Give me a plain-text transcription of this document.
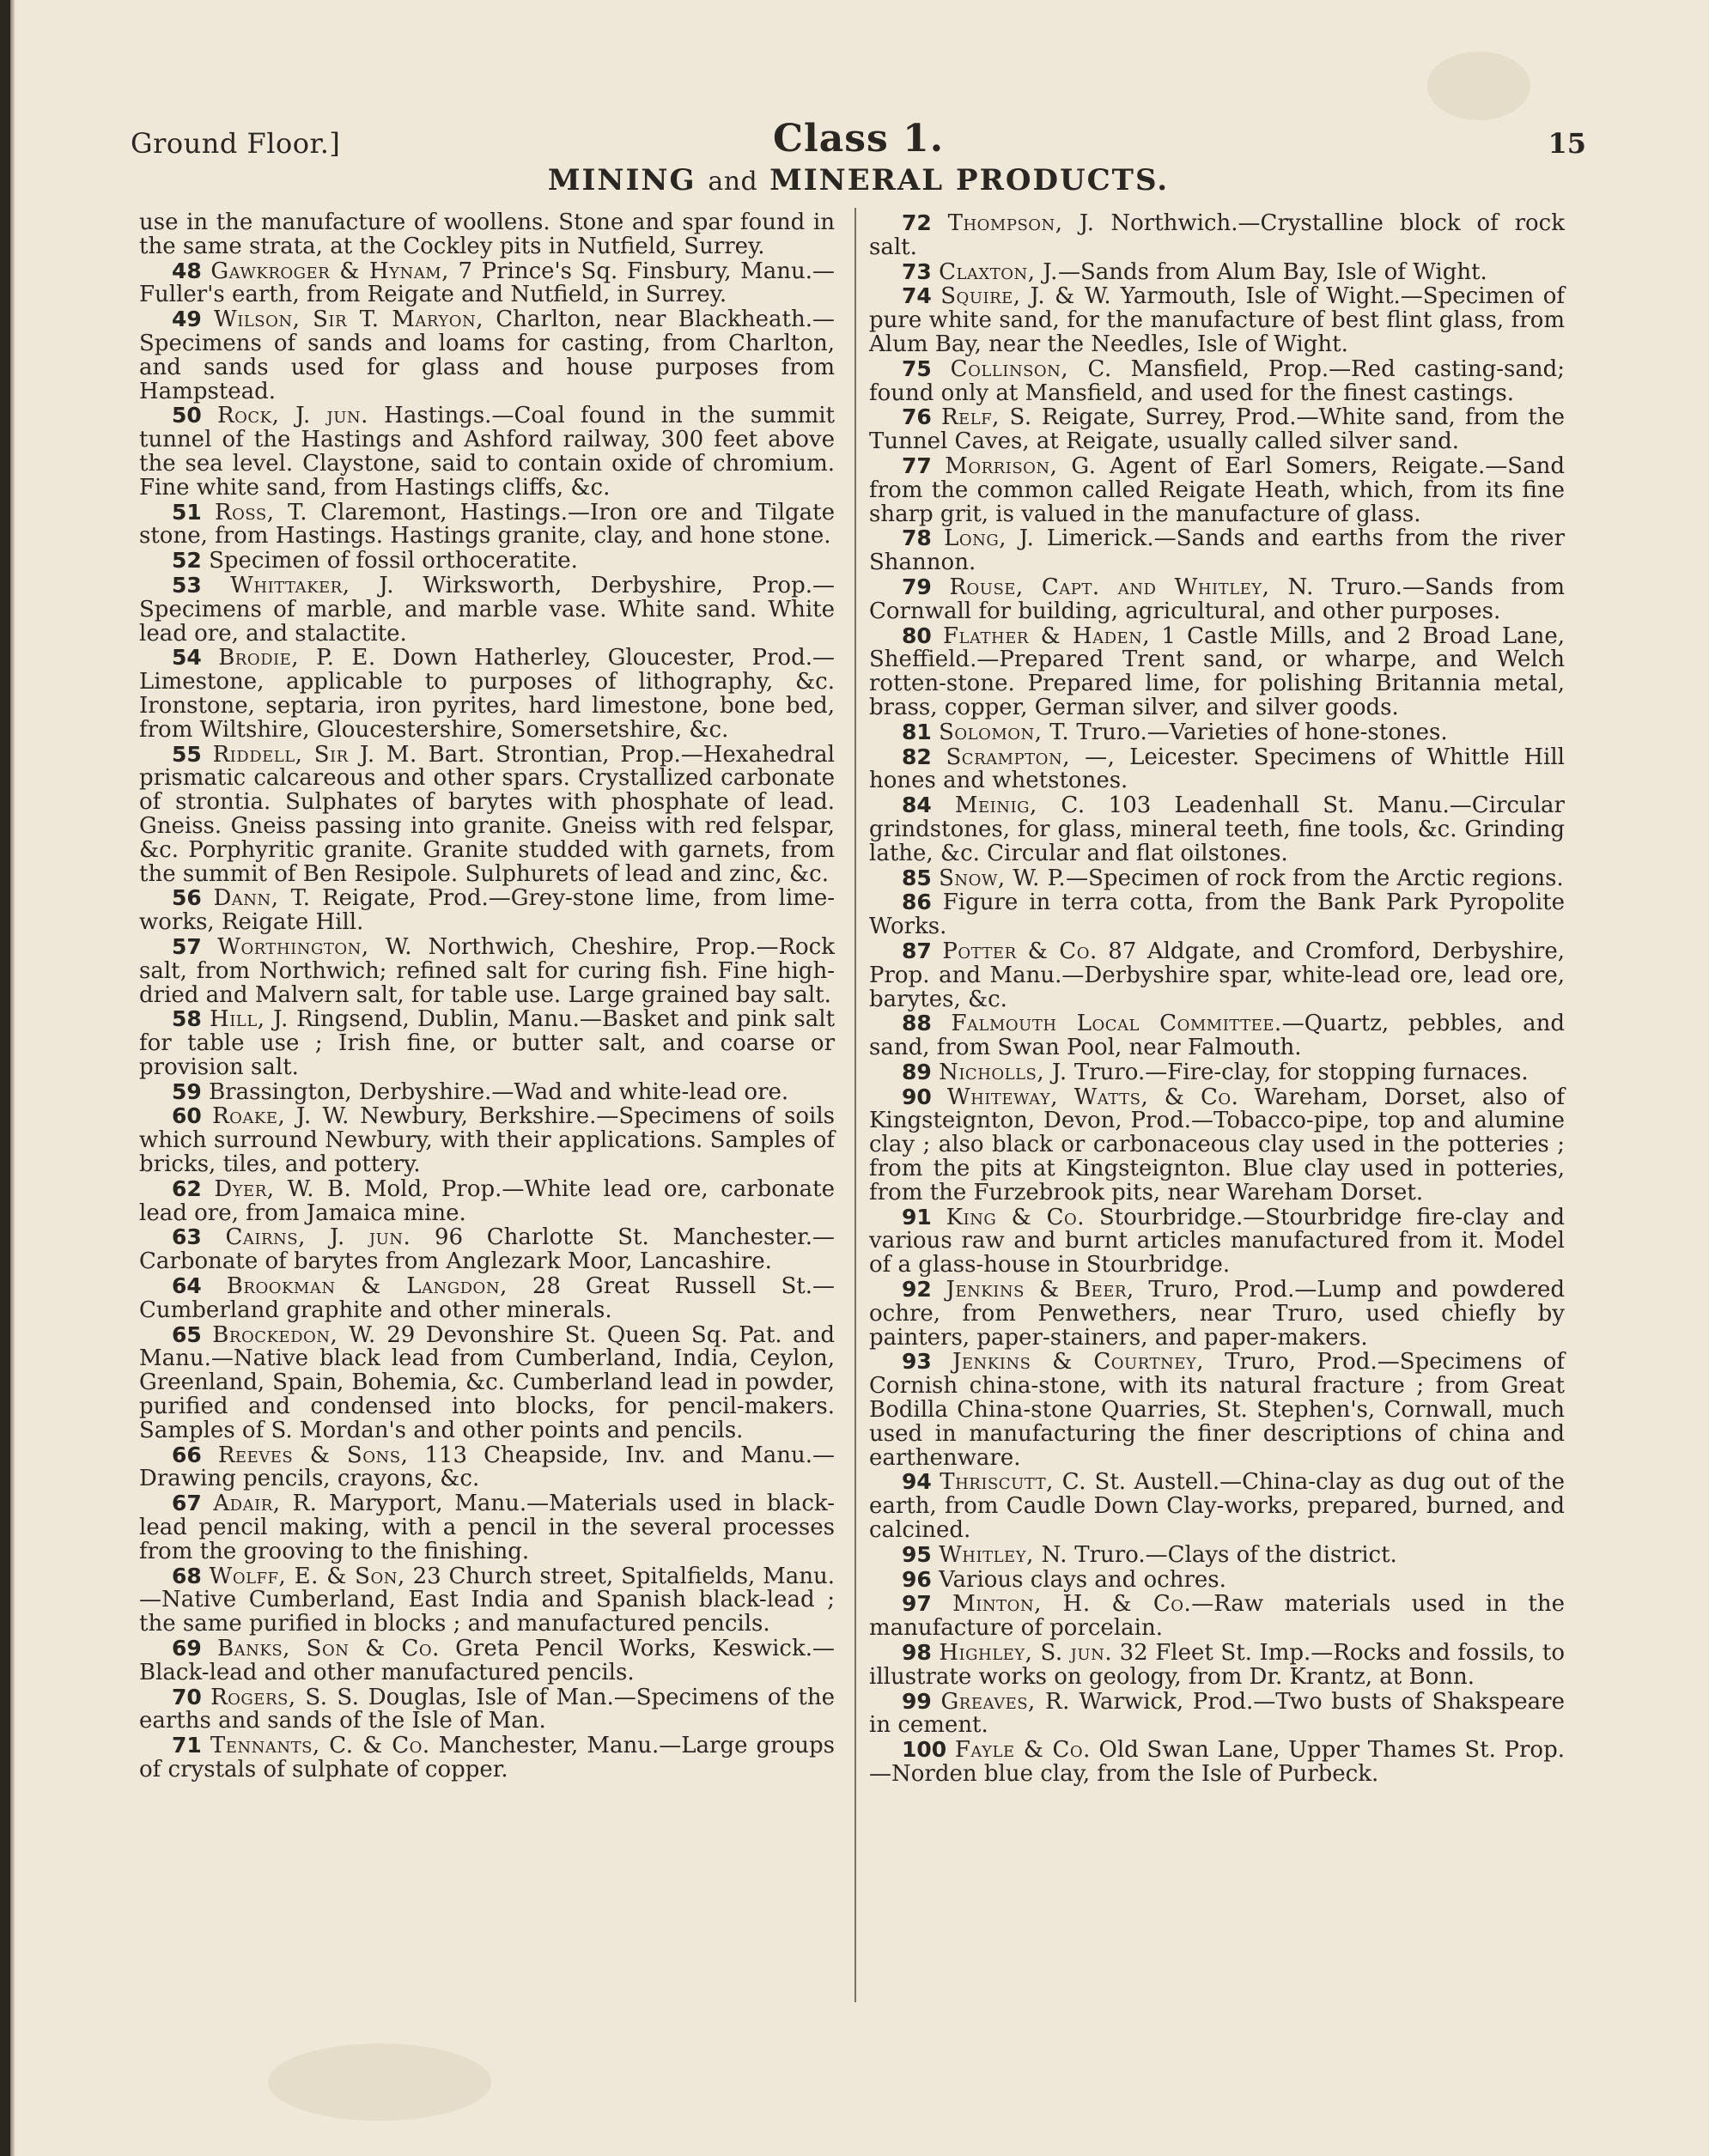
Ground Floor.]	Class 1.	15
MINING and MINERAL PRODUCTS.

use in the manufacture of woollens. Stone and spar found in the same strata, at the Cockley pits in Nutfield, Surrey.

48 Gawkroger & Hynam, 7 Prince's Sq. Finsbury, Manu.—Fuller's earth, from Reigate and Nutfield, in Surrey.

49 Wilson, Sir T. Maryon, Charlton, near Blackheath.—Specimens of sands and loams for casting, from Charlton, and sands used for glass and house purposes from Hampstead.

50 Rock, J. jun. Hastings.—Coal found in the summit tunnel of the Hastings and Ashford railway, 300 feet above the sea level. Claystone, said to contain oxide of chromium. Fine white sand, from Hastings cliffs, &c.

51 Ross, T. Claremont, Hastings.—Iron ore and Tilgate stone, from Hastings. Hastings granite, clay, and hone stone.

52 Specimen of fossil orthoceratite.

53 Whittaker, J. Wirksworth, Derbyshire, Prop.—Specimens of marble, and marble vase. White sand. White lead ore, and stalactite.

54 Brodie, P. E. Down Hatherley, Gloucester, Prod.—Limestone, applicable to purposes of lithography, &c. Ironstone, septaria, iron pyrites, hard limestone, bone bed, from Wiltshire, Gloucestershire, Somersetshire, &c.

55 Riddell, Sir J. M. Bart. Strontian, Prop.—Hexahedral prismatic calcareous and other spars. Crystallized carbonate of strontia. Sulphates of barytes with phosphate of lead. Gneiss. Gneiss passing into granite. Gneiss with red felspar, &c. Porphyritic granite. Granite studded with garnets, from the summit of Ben Resipole. Sulphurets of lead and zinc, &c.

56 Dann, T. Reigate, Prod.—Grey-stone lime, from lime-works, Reigate Hill.

57 Worthington, W. Northwich, Cheshire, Prop.—Rock salt, from Northwich; refined salt for curing fish. Fine high-dried and Malvern salt, for table use. Large grained bay salt.

58 Hill, J. Ringsend, Dublin, Manu.—Basket and pink salt for table use ; Irish fine, or butter salt, and coarse or provision salt.

59 Brassington, Derbyshire.—Wad and white-lead ore.

60 Roake, J. W. Newbury, Berkshire.—Specimens of soils which surround Newbury, with their applications. Samples of bricks, tiles, and pottery.

62 Dyer, W. B. Mold, Prop.—White lead ore, carbonate lead ore, from Jamaica mine.

63 Cairns, J. jun. 96 Charlotte St. Manchester.—Carbonate of barytes from Anglezark Moor, Lancashire.

64 Brookman & Langdon, 28 Great Russell St.—Cumberland graphite and other minerals.

65 Brockedon, W. 29 Devonshire St. Queen Sq. Pat. and Manu.—Native black lead from Cumberland, India, Ceylon, Greenland, Spain, Bohemia, &c. Cumberland lead in powder, purified and condensed into blocks, for pencil-makers. Samples of S. Mordan's and other points and pencils.

66 Reeves & Sons, 113 Cheapside, Inv. and Manu.—Drawing pencils, crayons, &c.

67 Adair, R. Maryport, Manu.—Materials used in black-lead pencil making, with a pencil in the several processes from the grooving to the finishing.

68 Wolff, E. & Son, 23 Church street, Spitalfields, Manu.—Native Cumberland, East India and Spanish black-lead ; the same purified in blocks ; and manufactured pencils.

69 Banks, Son & Co. Greta Pencil Works, Keswick.—Black-lead and other manufactured pencils.

70 Rogers, S. S. Douglas, Isle of Man.—Specimens of the earths and sands of the Isle of Man.

71 Tennants, C. & Co. Manchester, Manu.—Large groups of crystals of sulphate of copper.

72 Thompson, J. Northwich.—Crystalline block of rock salt.

73 Claxton, J.—Sands from Alum Bay, Isle of Wight.

74 Squire, J. & W. Yarmouth, Isle of Wight.—Specimen of pure white sand, for the manufacture of best flint glass, from Alum Bay, near the Needles, Isle of Wight.

75 Collinson, C. Mansfield, Prop.—Red casting-sand; found only at Mansfield, and used for the finest castings.

76 Relf, S. Reigate, Surrey, Prod.—White sand, from the Tunnel Caves, at Reigate, usually called silver sand.

77 Morrison, G. Agent of Earl Somers, Reigate.—Sand from the common called Reigate Heath, which, from its fine sharp grit, is valued in the manufacture of glass.

78 Long, J. Limerick.—Sands and earths from the river Shannon.

79 Rouse, Capt. and Whitley, N. Truro.—Sands from Cornwall for building, agricultural, and other purposes.

80 Flather & Haden, 1 Castle Mills, and 2 Broad Lane, Sheffield.—Prepared Trent sand, or wharpe, and Welch rotten-stone. Prepared lime, for polishing Britannia metal, brass, copper, German silver, and silver goods.

81 Solomon, T. Truro.—Varieties of hone-stones.

82 Scrampton, —, Leicester. Specimens of Whittle Hill hones and whetstones.

84 Meinig, C. 103 Leadenhall St. Manu.—Circular grindstones, for glass, mineral teeth, fine tools, &c. Grinding lathe, &c. Circular and flat oilstones.

85 Snow, W. P.—Specimen of rock from the Arctic regions.

86 Figure in terra cotta, from the Bank Park Pyropolite Works.

87 Potter & Co. 87 Aldgate, and Cromford, Derbyshire, Prop. and Manu.—Derbyshire spar, white-lead ore, lead ore, barytes, &c.

88 Falmouth Local Committee.—Quartz, pebbles, and sand, from Swan Pool, near Falmouth.

89 Nicholls, J. Truro.—Fire-clay, for stopping furnaces.

90 Whiteway, Watts, & Co. Wareham, Dorset, also of Kingsteignton, Devon, Prod.—Tobacco-pipe, top and alumine clay ; also black or carbonaceous clay used in the potteries ; from the pits at Kingsteignton. Blue clay used in potteries, from the Furzebrook pits, near Wareham Dorset.

91 King & Co. Stourbridge.—Stourbridge fire-clay and various raw and burnt articles manufactured from it. Model of a glass-house in Stourbridge.

92 Jenkins & Beer, Truro, Prod.—Lump and powdered ochre, from Penwethers, near Truro, used chiefly by painters, paper-stainers, and paper-makers.

93 Jenkins & Courtney, Truro, Prod.—Specimens of Cornish china-stone, with its natural fracture ; from Great Bodilla China-stone Quarries, St. Stephen's, Cornwall, much used in manufacturing the finer descriptions of china and earthenware.

94 Thriscutt, C. St. Austell.—China-clay as dug out of the earth, from Caudle Down Clay-works, prepared, burned, and calcined.

95 Whitley, N. Truro.—Clays of the district.

96 Various clays and ochres.

97 Minton, H. & Co.—Raw materials used in the manufacture of porcelain.

98 Highley, S. jun. 32 Fleet St. Imp.—Rocks and fossils, to illustrate works on geology, from Dr. Krantz, at Bonn.

99 Greaves, R. Warwick, Prod.—Two busts of Shakspeare in cement.

100 Fayle & Co. Old Swan Lane, Upper Thames St. Prop.—Norden blue clay, from the Isle of Purbeck.
